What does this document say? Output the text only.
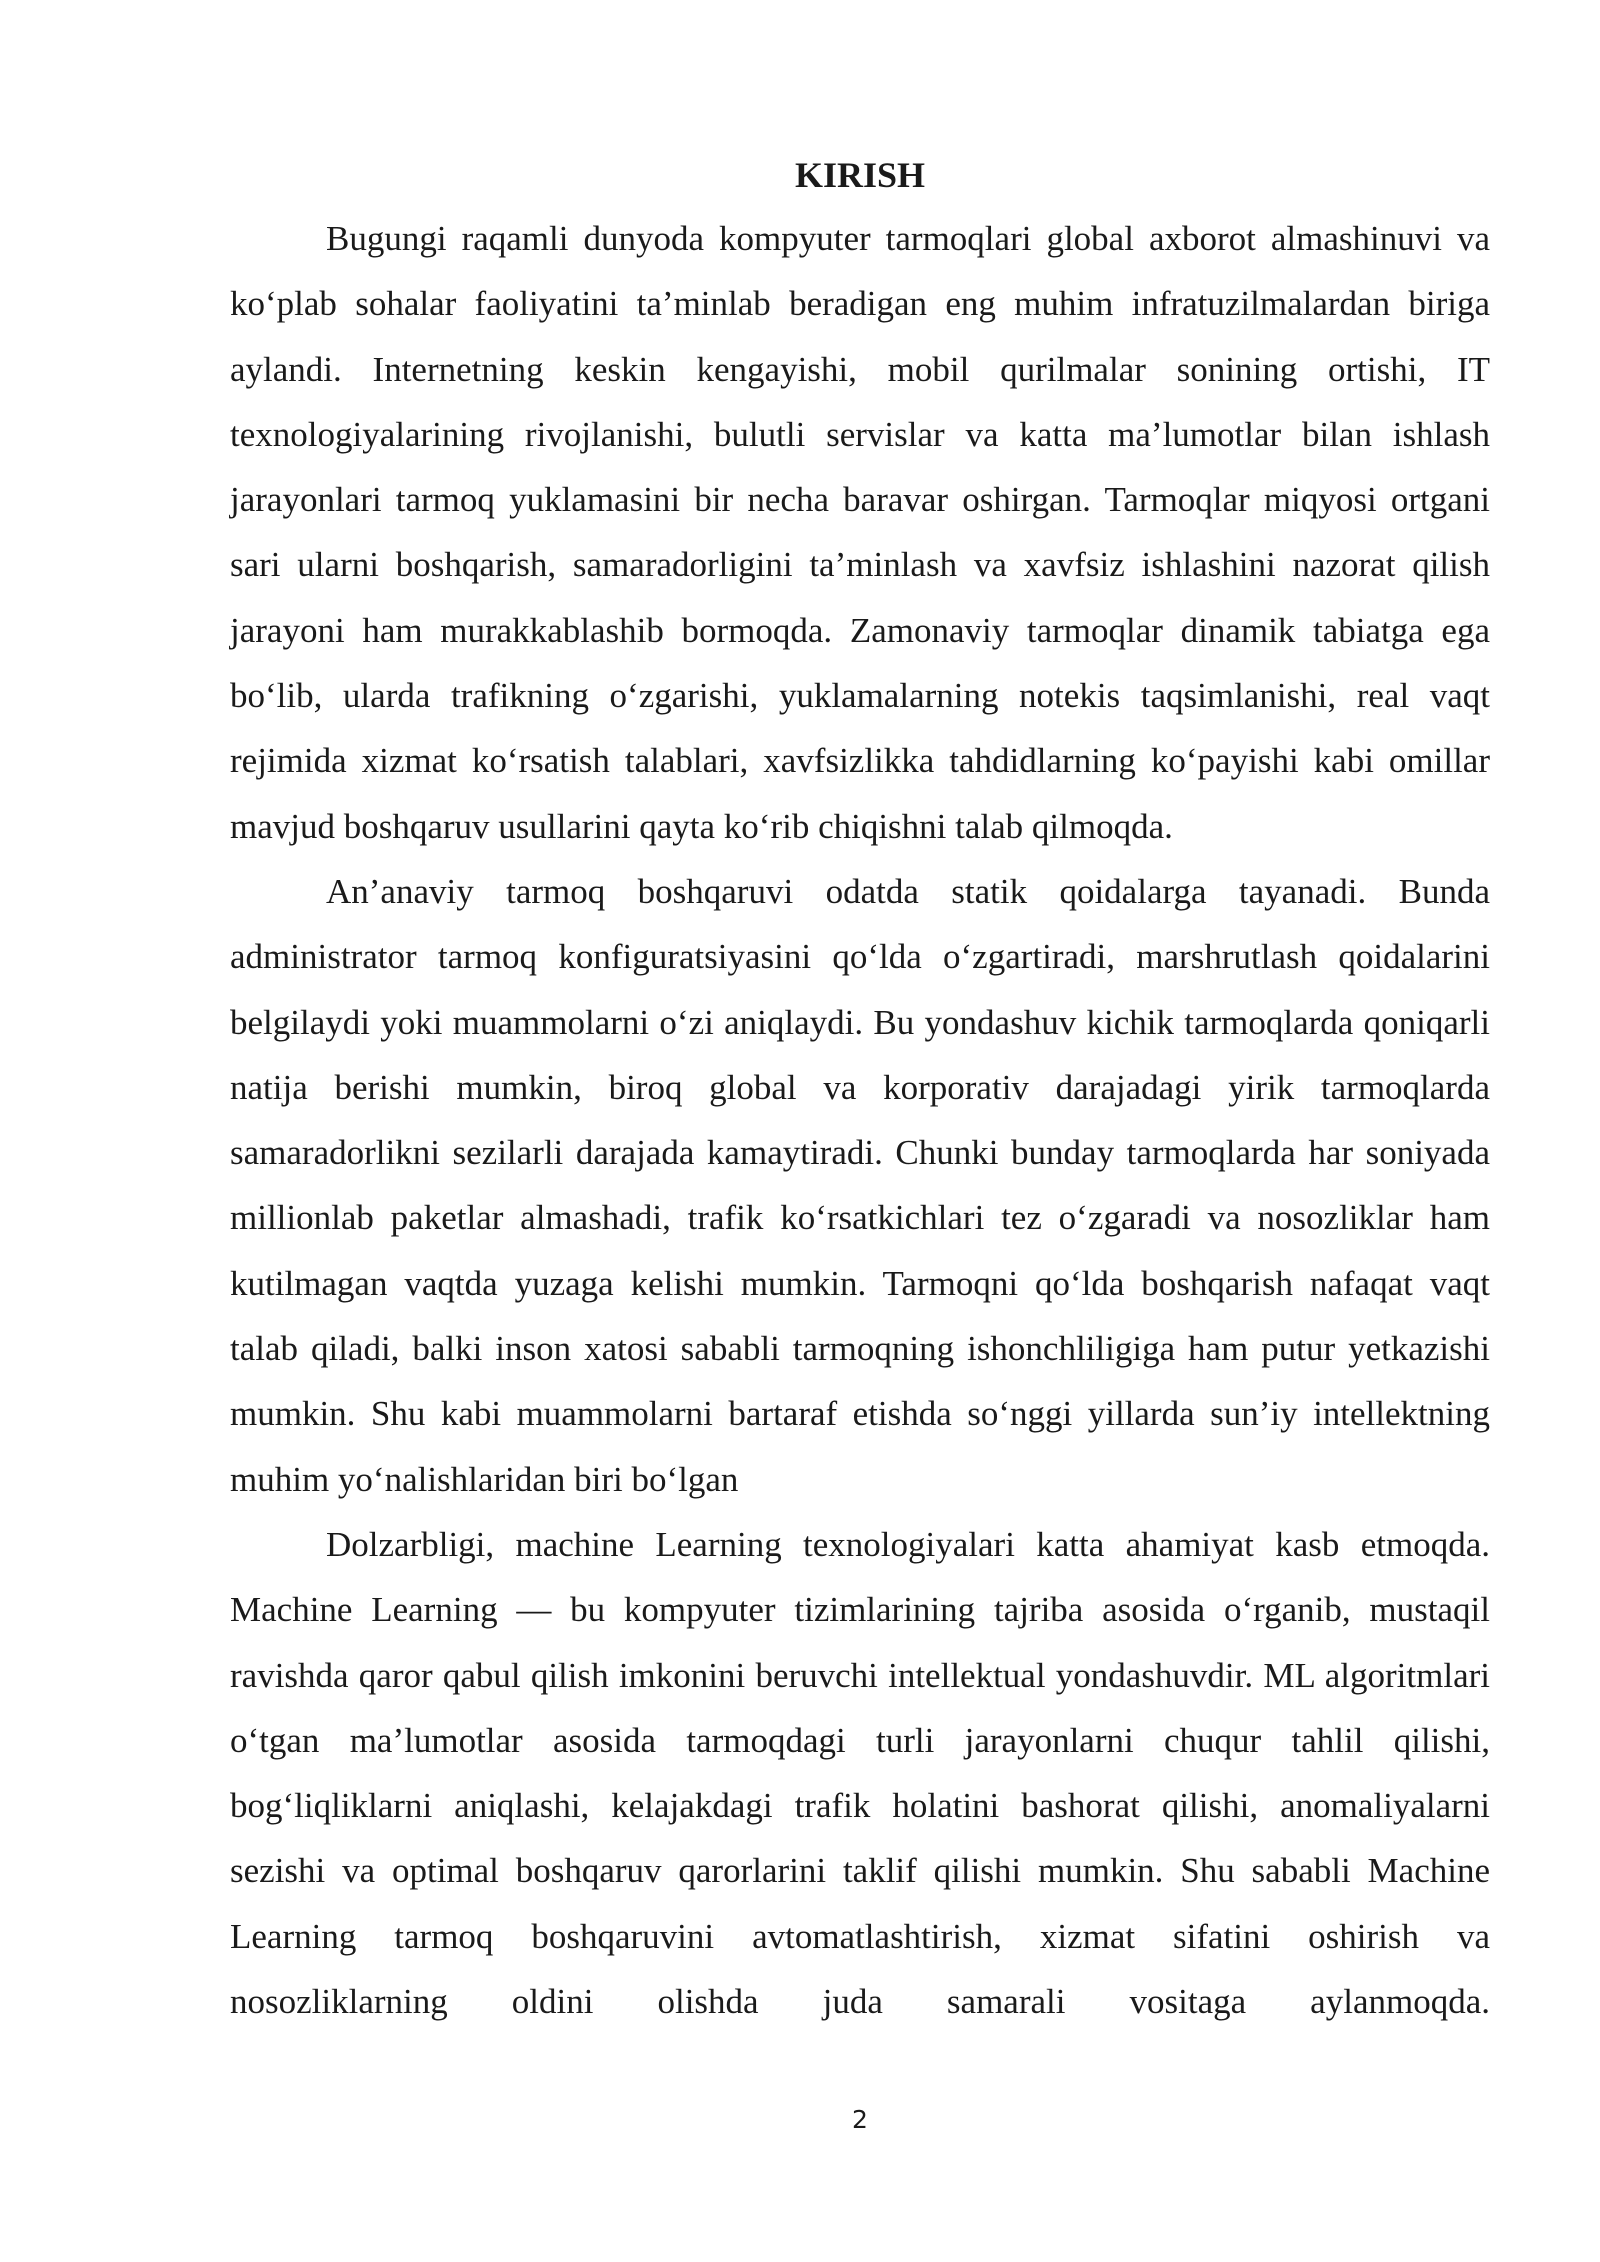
KIRISH

Bugungi raqamli dunyoda kompyuter tarmoqlari global axborot almashinuvi va ko‘plab sohalar faoliyatini ta’minlab beradigan eng muhim infratuzilmalardan biriga aylandi. Internetning keskin kengayishi, mobil qurilmalar sonining ortishi, IT texnologiyalarining rivojlanishi, bulutli servislar va katta ma’lumotlar bilan ishlash jarayonlari tarmoq yuklamasini bir necha baravar oshirgan. Tarmoqlar miqyosi ortgani sari ularni boshqarish, samaradorligini ta’minlash va xavfsiz ishlashini nazorat qilish jarayoni ham murakkablashib bormoqda. Zamonaviy tarmoqlar dinamik tabiatga ega bo‘lib, ularda trafikning o‘zgarishi, yuklamalarning notekis taqsimlanishi, real vaqt rejimida xizmat ko‘rsatish talablari, xavfsizlikka tahdidlarning ko‘payishi kabi omillar mavjud boshqaruv usullarini qayta ko‘rib chiqishni talab qilmoqda.

An’anaviy tarmoq boshqaruvi odatda statik qoidalarga tayanadi. Bunda administrator tarmoq konfiguratsiyasini qo‘lda o‘zgartiradi, marshrutlash qoidalarini belgilaydi yoki muammolarni o‘zi aniqlaydi. Bu yondashuv kichik tarmoqlarda qoniqarli natija berishi mumkin, biroq global va korporativ darajadagi yirik tarmoqlarda samaradorlikni sezilarli darajada kamaytiradi. Chunki bunday tarmoqlarda har soniyada millionlab paketlar almashadi, trafik ko‘rsatkichlari tez o‘zgaradi va nosozliklar ham kutilmagan vaqtda yuzaga kelishi mumkin. Tarmoqni qo‘lda boshqarish nafaqat vaqt talab qiladi, balki inson xatosi sababli tarmoqning ishonchliligiga ham putur yetkazishi mumkin. Shu kabi muammolarni bartaraf etishda so‘nggi yillarda sun’iy intellektning muhim yo‘nalishlaridan biri bo‘lgan

Dolzarbligi, machine Learning texnologiyalari katta ahamiyat kasb etmoqda. Machine Learning — bu kompyuter tizimlarining tajriba asosida o‘rganib, mustaqil ravishda qaror qabul qilish imkonini beruvchi intellektual yondashuvdir. ML algoritmlari o‘tgan ma’lumotlar asosida tarmoqdagi turli jarayonlarni chuqur tahlil qilishi, bog‘liqliklarni aniqlashi, kelajakdagi trafik holatini bashorat qilishi, anomaliyalarni sezishi va optimal boshqaruv qarorlarini taklif qilishi mumkin. Shu sababli Machine Learning tarmoq boshqaruvini avtomatlashtirish, xizmat sifatini oshirish va nosozliklarning oldini olishda juda samarali vositaga aylanmoqda.

2
